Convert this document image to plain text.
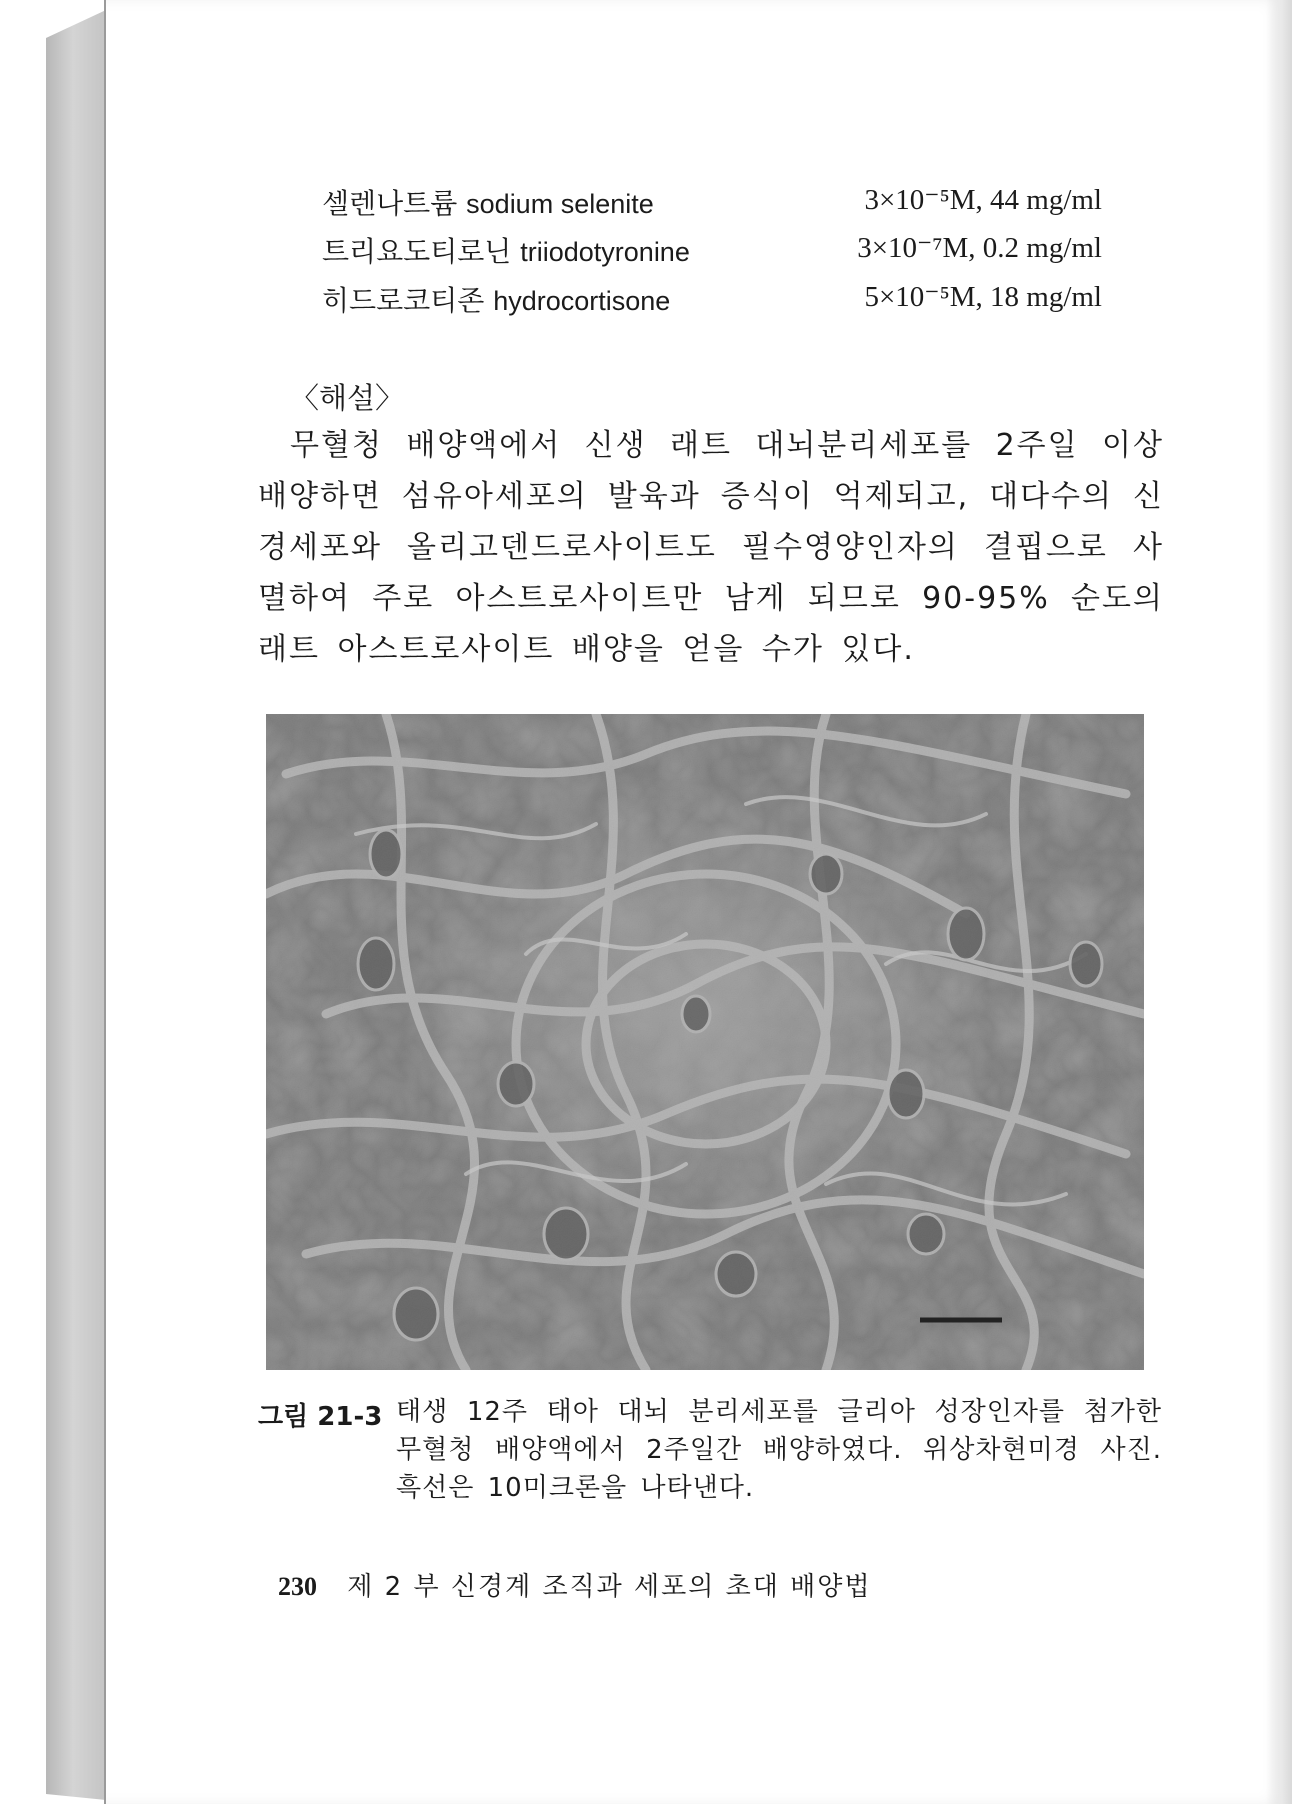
셀렌나트륨 sodium selenite	3×10⁻⁵M, 44 mg/ml
트리요도티로닌 triiodotyronine	3×10⁻⁷M, 0.2 mg/ml
히드로코티존 hydrocortisone	5×10⁻⁵M, 18 mg/ml
〈해설〉
무혈청 배양액에서 신생 래트 대뇌분리세포를 2주일 이상 배양하면 섬유아세포의 발육과 증식이 억제되고, 대다수의 신경세포와 올리고덴드로사이트도 필수영양인자의 결핍으로 사멸하여 주로 아스트로사이트만 남게 되므로 90-95% 순도의 래트 아스트로사이트 배양을 얻을 수가 있다.
그림 21-3 태생 12주 태아 대뇌 분리세포를 글리아 성장인자를 첨가한 무혈청 배양액에서 2주일간 배양하였다. 위상차현미경 사진. 흑선은 10미크론을 나타낸다.
230 제 2 부 신경계 조직과 세포의 초대 배양법
